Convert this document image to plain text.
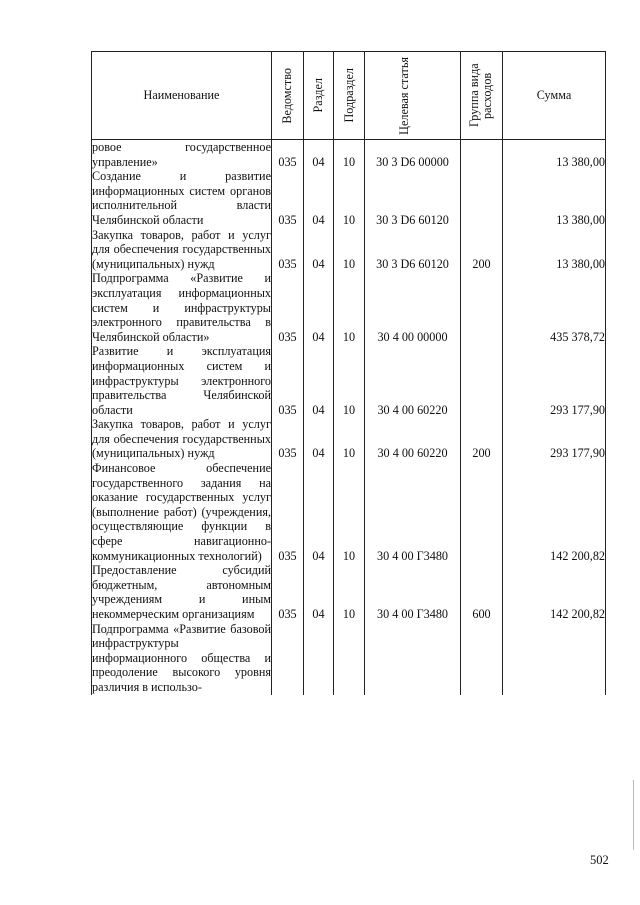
Наименование	Ведомство	Раздел	Подраздел	Целевая статья	Группа вида расходов	Сумма
ровое государственное управление»	035	04	10	30 3 D6 00000		13 380,00
Создание и развитие информационных систем органов исполнительной власти Челябинской области	035	04	10	30 3 D6 60120		13 380,00
Закупка товаров, работ и услуг для обеспечения государственных (муниципальных) нужд	035	04	10	30 3 D6 60120	200	13 380,00
Подпрограмма «Развитие и эксплуатация информационных систем и инфраструктуры электронного правительства в Челябинской области»	035	04	10	30 4 00 00000		435 378,72
Развитие и эксплуатация информационных систем и инфраструктуры электронного правительства Челябинской области	035	04	10	30 4 00 60220		293 177,90
Закупка товаров, работ и услуг для обеспечения государственных (муниципальных) нужд	035	04	10	30 4 00 60220	200	293 177,90
Финансовое обеспечение государственного задания на оказание государственных услуг (выполнение работ) (учреждения, осуществляющие функции в сфере навигационно-коммуникационных технологий)	035	04	10	30 4 00 Г3480		142 200,82
Предоставление субсидий бюджетным, автономным учреждениям и иным некоммерческим организациям	035	04	10	30 4 00 Г3480	600	142 200,82
Подпрограмма «Развитие базовой инфраструктуры информационного общества и преодоление высокого уровня различия в использо-						
502
